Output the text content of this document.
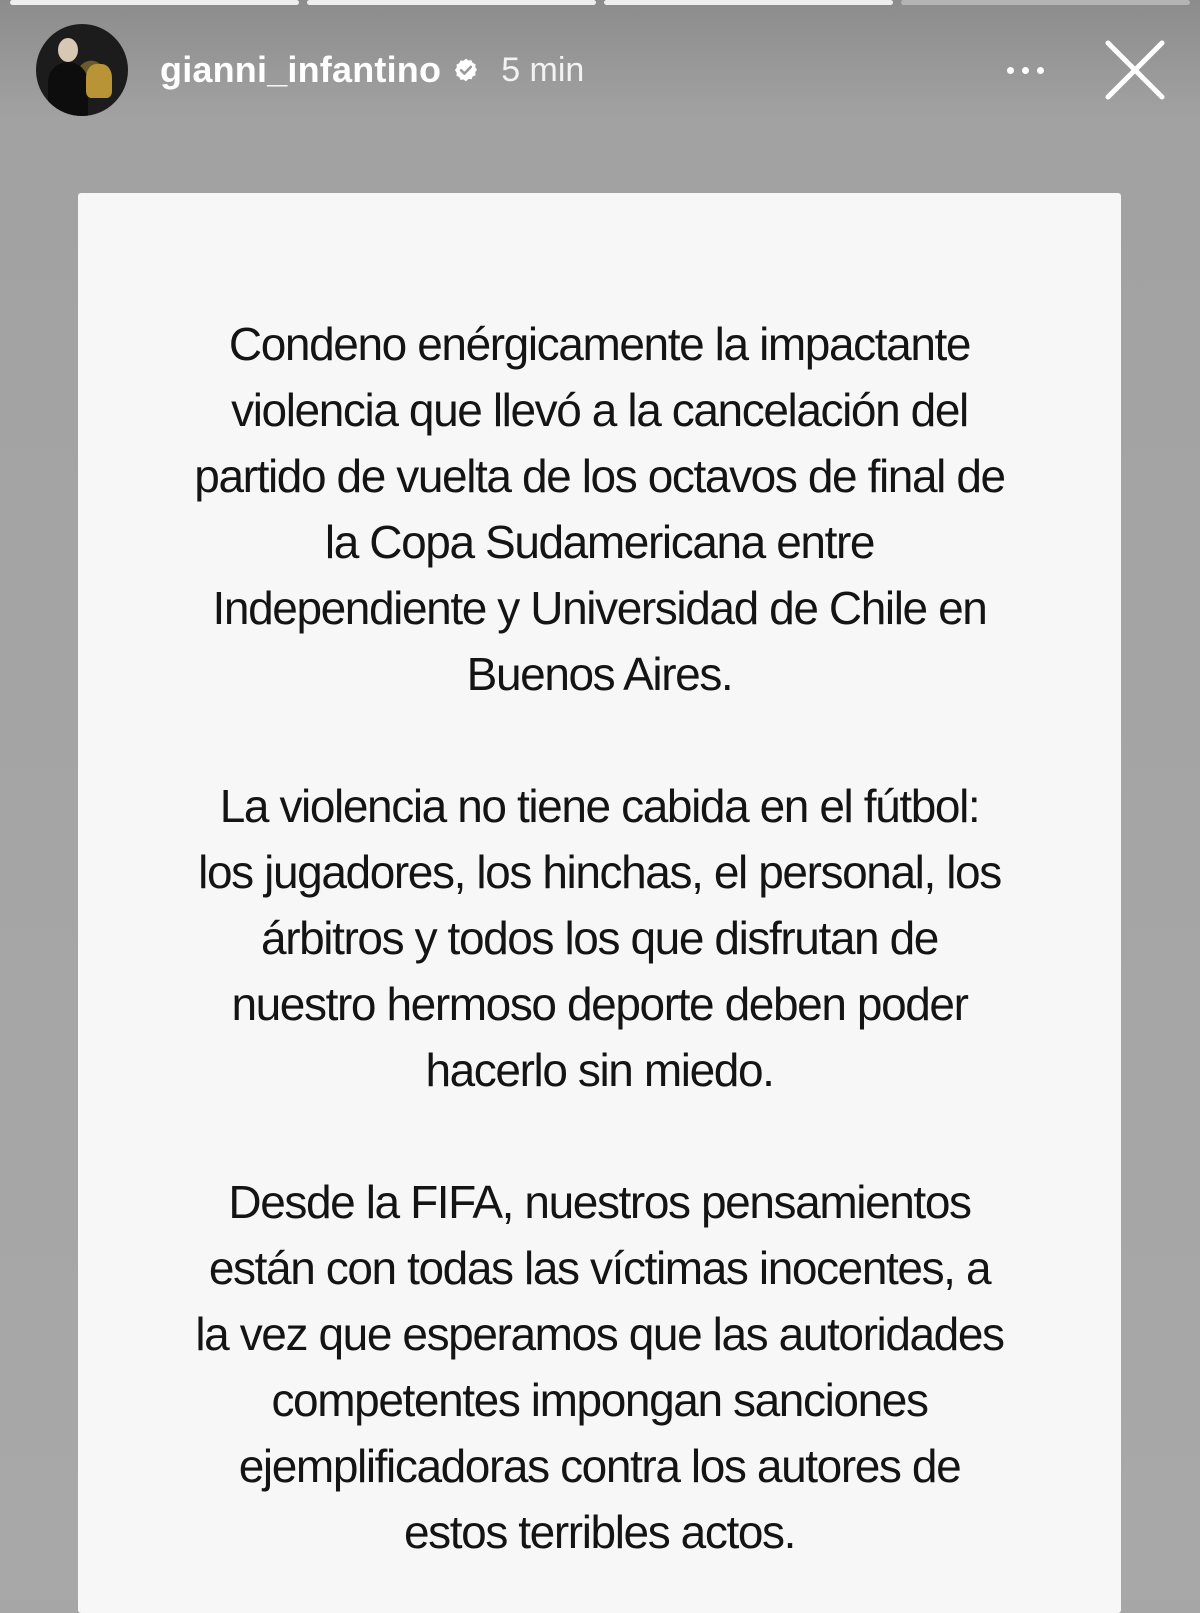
gianni_infantino 5 min

Condeno enérgicamente la impactante violencia que llevó a la cancelación del partido de vuelta de los octavos de final de la Copa Sudamericana entre Independiente y Universidad de Chile en Buenos Aires.

La violencia no tiene cabida en el fútbol: los jugadores, los hinchas, el personal, los árbitros y todos los que disfrutan de nuestro hermoso deporte deben poder hacerlo sin miedo.

Desde la FIFA, nuestros pensamientos están con todas las víctimas inocentes, a la vez que esperamos que las autoridades competentes impongan sanciones ejemplificadoras contra los autores de estos terribles actos.
